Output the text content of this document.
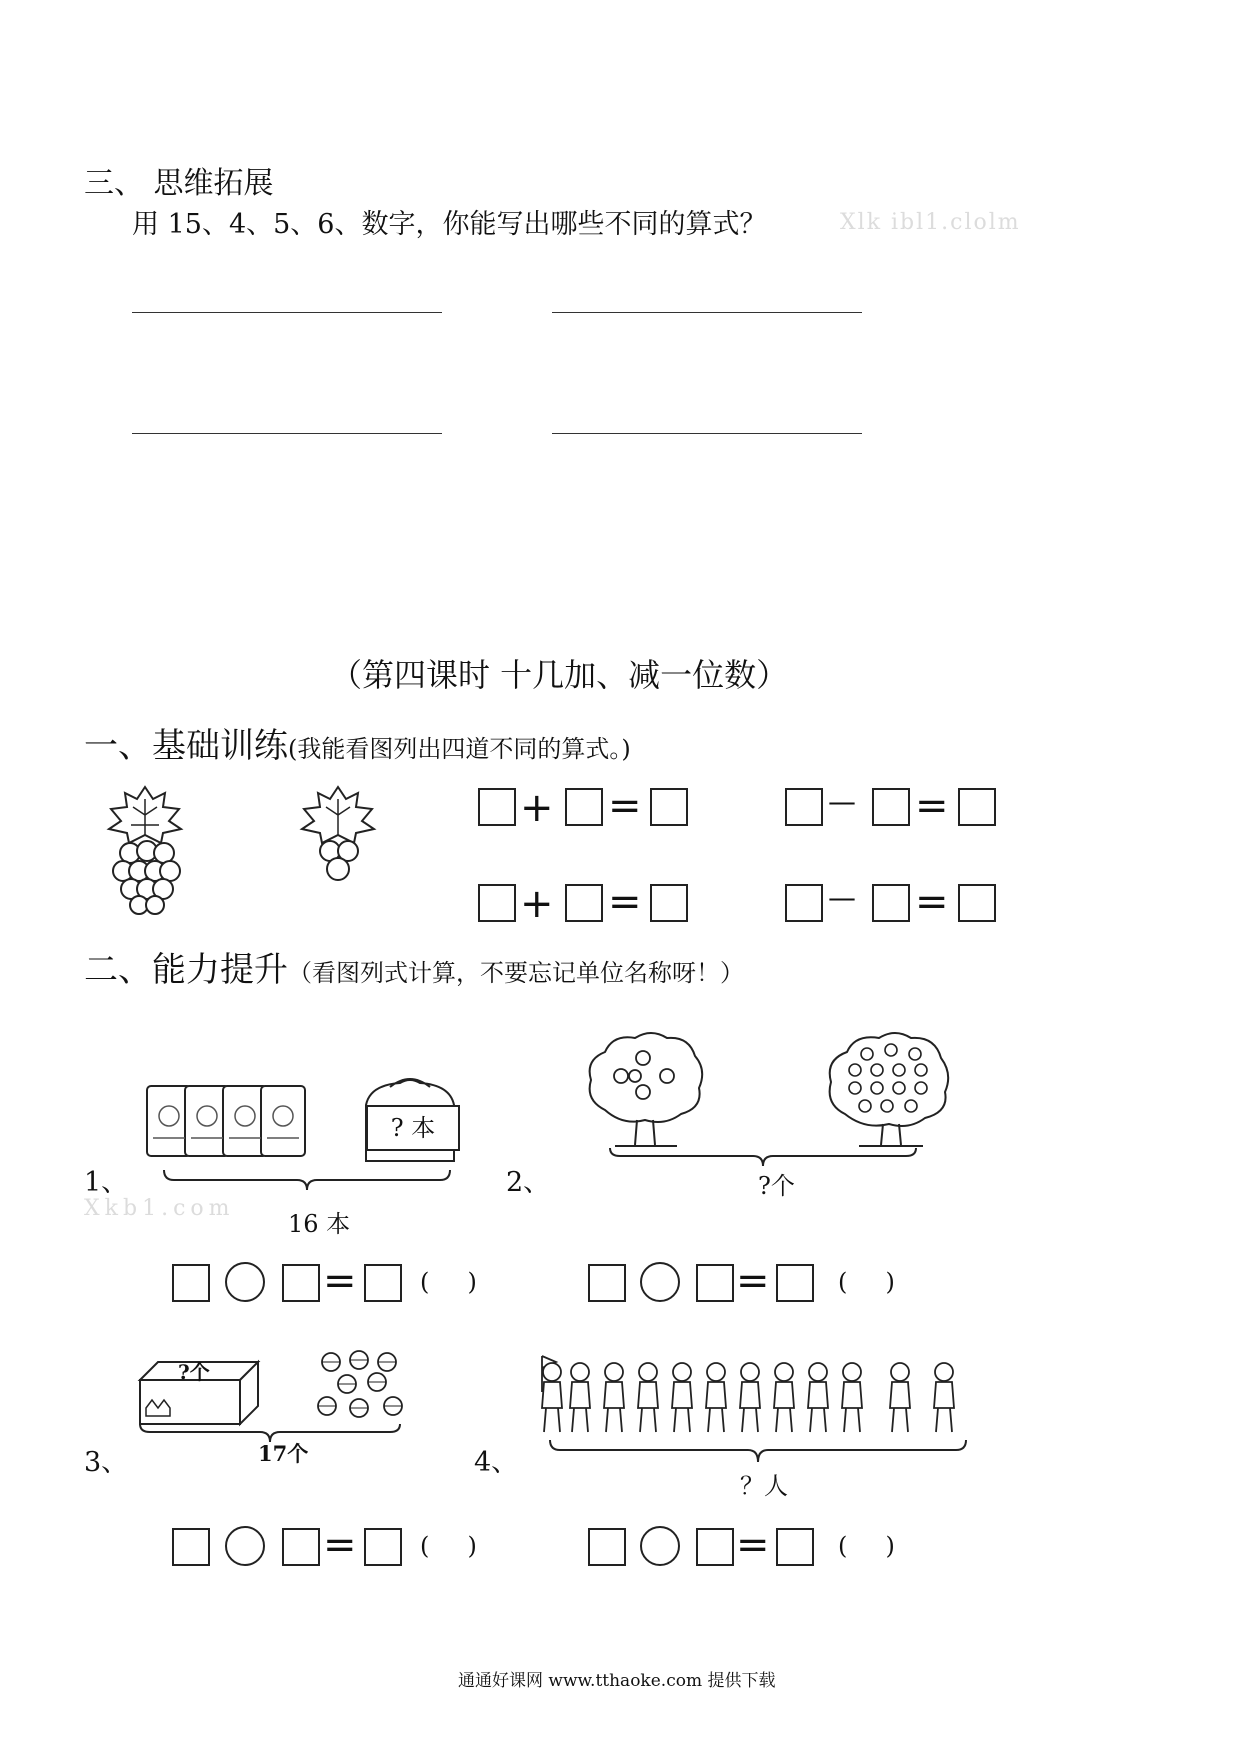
三、 思维拓展
用 15、4、5、6、数字，你能写出哪些不同的算式？	Xlk ibl1.clolm
（第四课时 十几加、减一位数）
一、基础训练(我能看图列出四道不同的算式。)
+ =	— =
+ =	— =
二、能力提升（看图列式计算，不要忘记单位名称呀！）
1、
? 本
Xkb1.com
16 本
2、	?个
=	(     )	=	(     )
3、
?个
17个	4、
？人
=	(     )	=	(     )
通通好课网 www.tthaoke.com 提供下载
